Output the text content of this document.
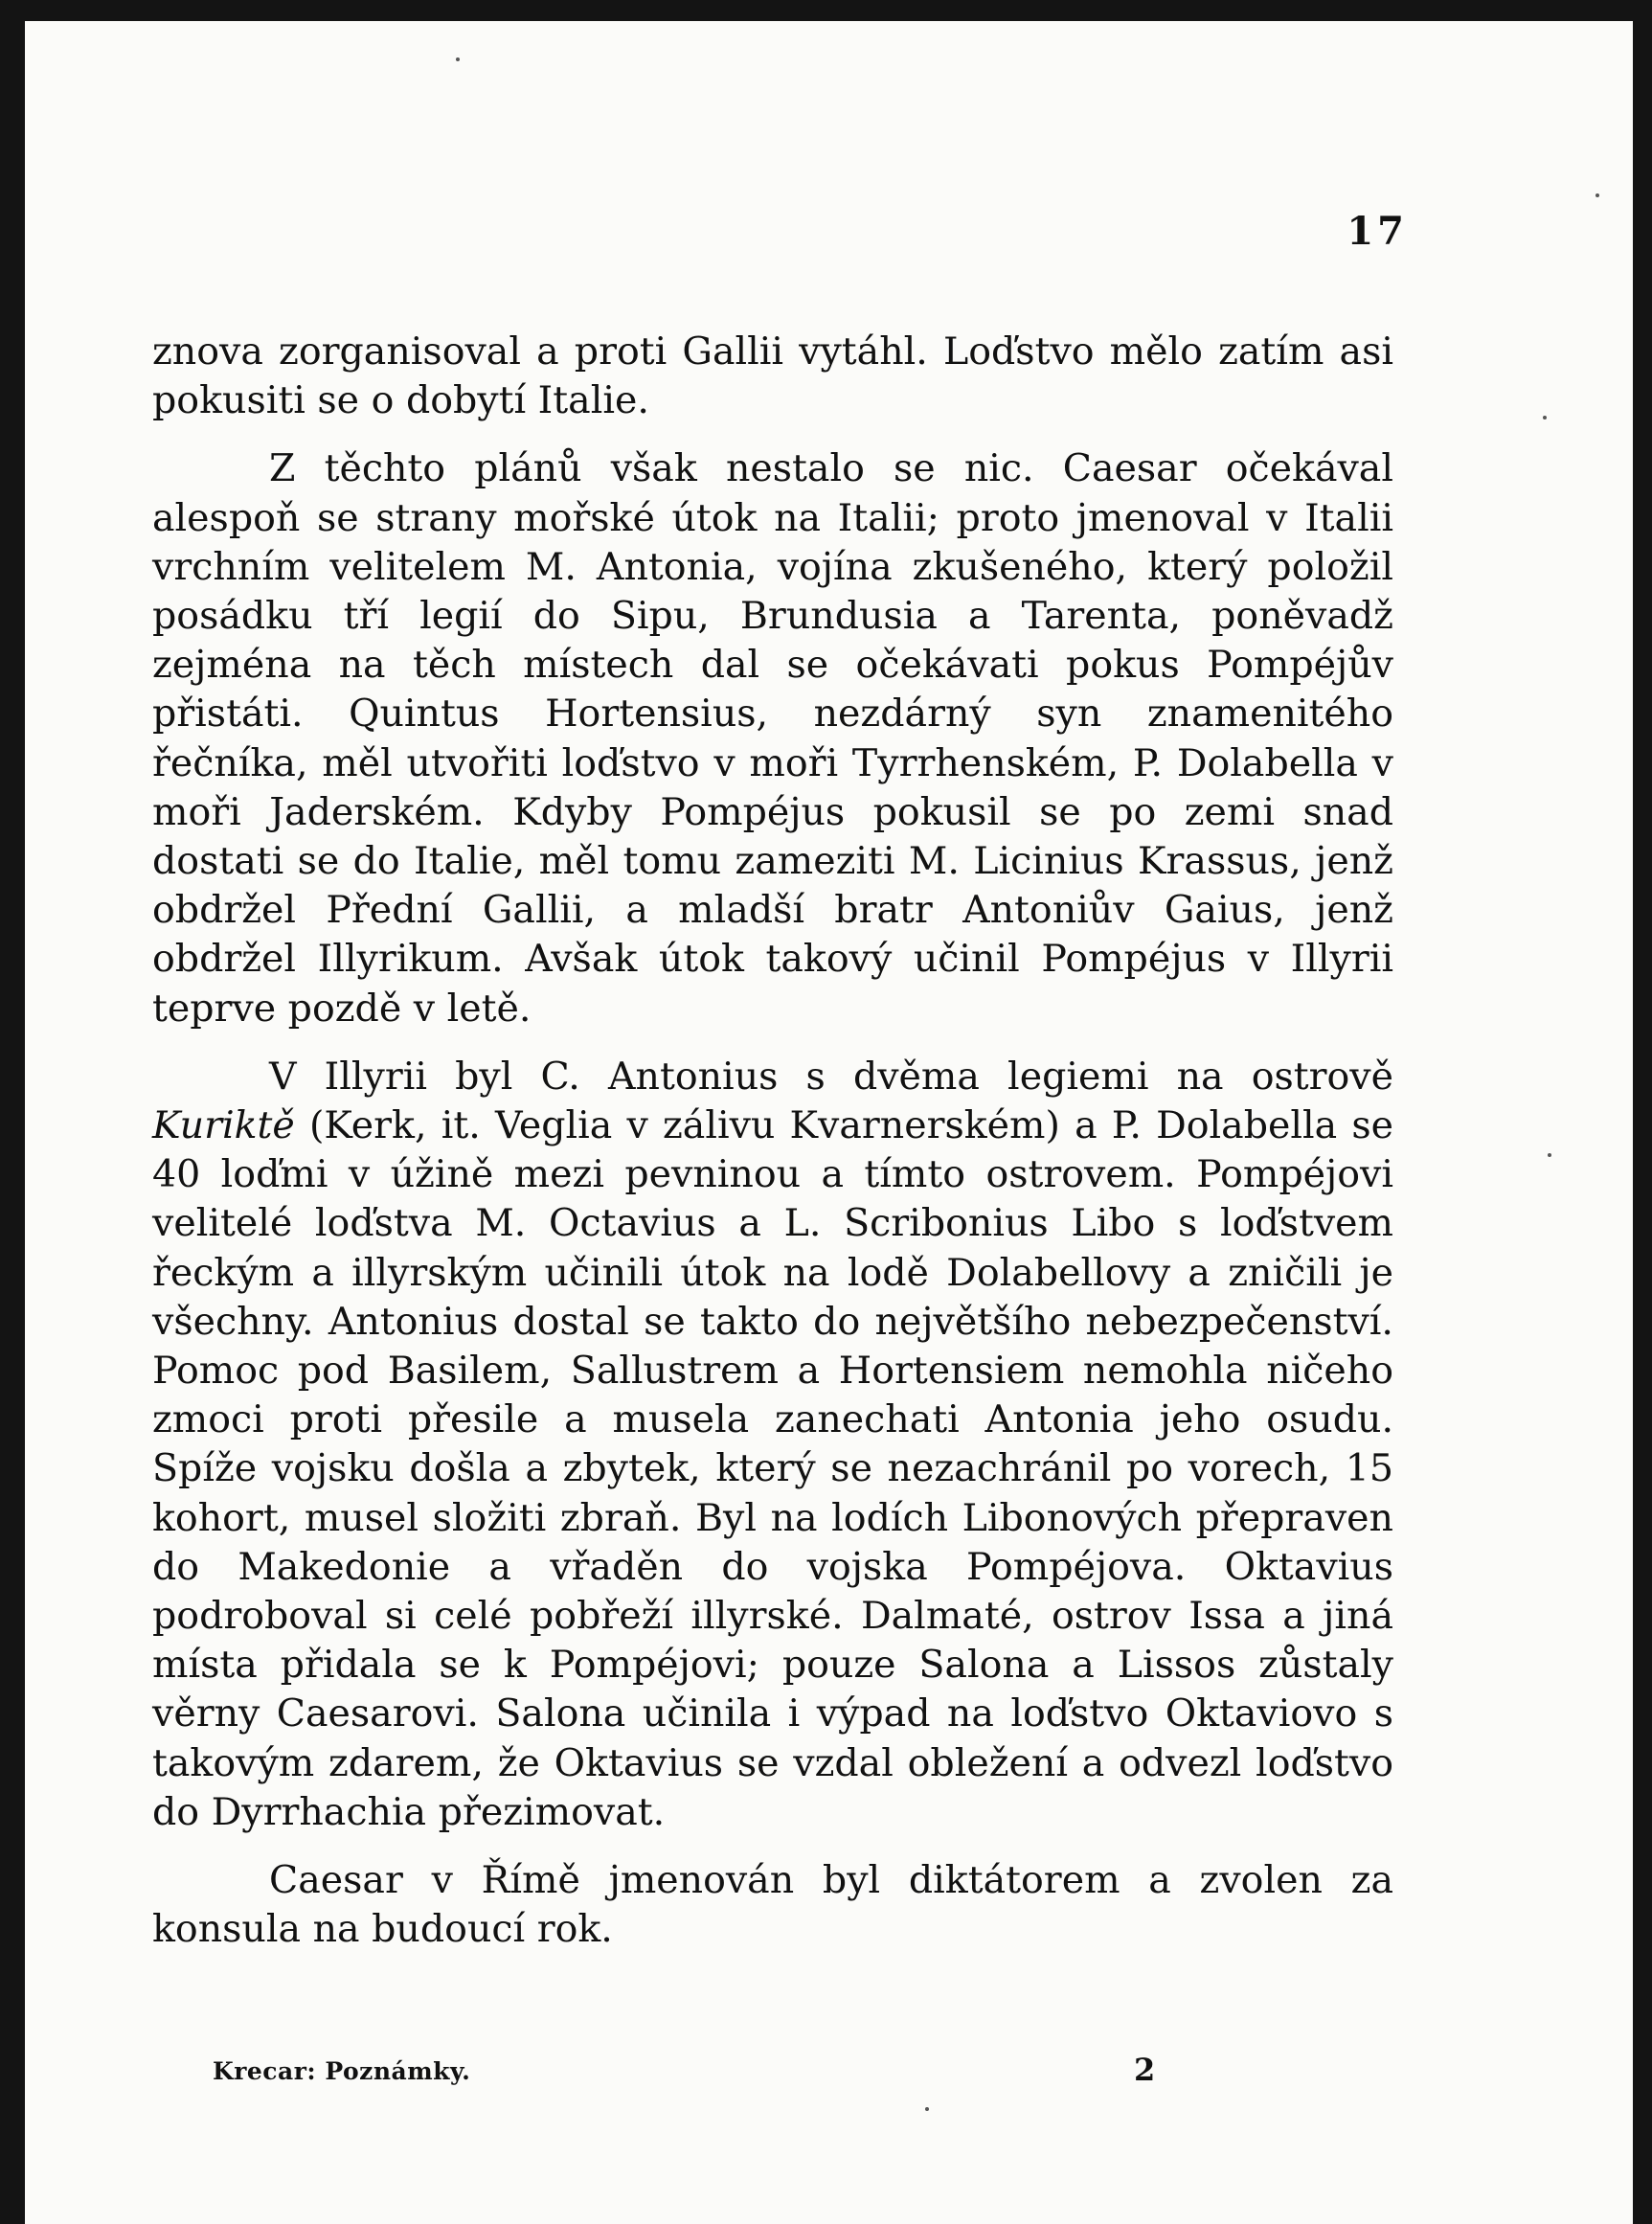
17

znova zorganisoval a proti Gallii vytáhl. Loďstvo mělo zatím asi pokusiti se o dobytí Italie.

Z těchto plánů však nestalo se nic. Caesar očekával alespoň se strany mořské útok na Italii; proto jmenoval v Italii vrchním velitelem M. Antonia, vojína zkušeného, který položil posádku tří legií do Sipu, Brundusia a Tarenta, poněvadž zejména na těch místech dal se očekávati pokus Pompéjův přistáti. Quintus Hortensius, nezdárný syn znamenitého řečníka, měl utvořiti loďstvo v moři Tyrrhenském, P. Dolabella v moři Jaderském. Kdyby Pompéjus pokusil se po zemi snad dostati se do Italie, měl tomu zameziti M. Licinius Krassus, jenž obdržel Přední Gallii, a mladší bratr Antoniův Gaius, jenž obdržel Illyrikum. Avšak útok takový učinil Pompéjus v Illyrii teprve pozdě v letě.

V Illyrii byl C. Antonius s dvěma legiemi na ostrově Kuriktě (Kerk, it. Veglia v zálivu Kvarnerském) a P. Dolabella se 40 loďmi v úžině mezi pevninou a tímto ostrovem. Pompéjovi velitelé loďstva M. Octavius a L. Scribonius Libo s loďstvem řeckým a illyrským učinili útok na lodě Dolabellovy a zničili je všechny. Antonius dostal se takto do největšího nebezpečenství. Pomoc pod Basilem, Sallustrem a Hortensiem nemohla ničeho zmoci proti přesile a musela zanechati Antonia jeho osudu. Spíže vojsku došla a zbytek, který se nezachránil po vorech, 15 kohort, musel složiti zbraň. Byl na lodích Libonových přepraven do Makedonie a vřaděn do vojska Pompéjova. Oktavius podroboval si celé pobřeží illyrské. Dalmaté, ostrov Issa a jiná místa přidala se k Pompéjovi; pouze Salona a Lissos zůstaly věrny Caesarovi. Salona učinila i výpad na loďstvo Oktaviovo s takovým zdarem, že Oktavius se vzdal obležení a odvezl loďstvo do Dyrrhachia přezimovat.

Caesar v Římě jmenován byl diktátorem a zvolen za konsula na budoucí rok.

Krecar: Poznámky.	2
